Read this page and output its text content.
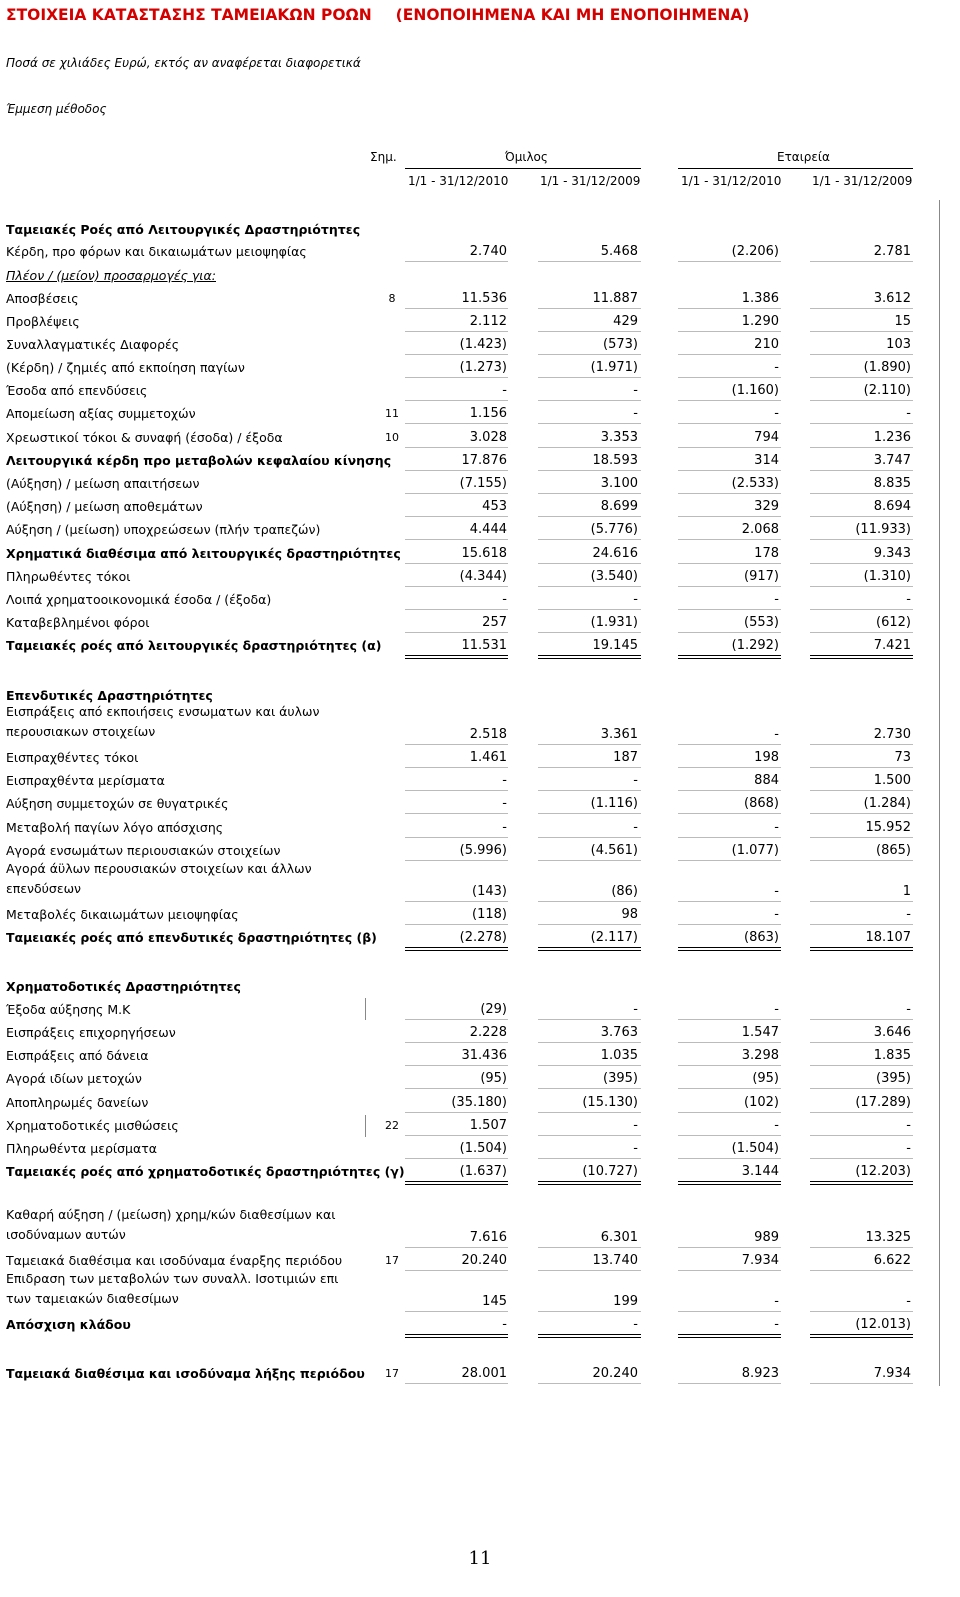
ΣΤΟΙΧΕΙΑ ΚΑΤΑΣΤΑΣΗΣ ΤΑΜΕΙΑΚΩΝ ΡΟΩΝ (ΕΝΟΠΟΙΗΜΕΝΑ ΚΑΙ ΜΗ ΕΝΟΠΟΙΗΜΕΝΑ)
Ποσά σε χιλιάδες Ευρώ, εκτός αν αναφέρεται διαφορετικά
Έμμεση μέθοδος
Σημ.	Όμιλος	Εταιρεία
1/1 - 31/12/2010	1/1 - 31/12/2009	1/1 - 31/12/2010	1/1 - 31/12/2009
Ταμειακές Ροές από Λειτουργικές Δραστηριότητες
Κέρδη, προ φόρων και δικαιωμάτων μειοψηφίας	2.740	5.468	(2.206)	2.781
Πλέον / (μείον) προσαρμογές για:
Αποσβέσεις	8	11.536	11.887	1.386	3.612
Προβλέψεις	2.112	429	1.290	15
Συναλλαγματικές Διαφορές	(1.423)	(573)	210	103
(Κέρδη) / ζημιές από εκποίηση παγίων	(1.273)	(1.971)	-	(1.890)
Έσοδα από επενδύσεις	-	-	(1.160)	(2.110)
Απομείωση αξίας συμμετοχών	11	1.156	-	-	-
Χρεωστικοί τόκοι & συναφή (έσοδα) / έξοδα	10	3.028	3.353	794	1.236
Λειτουργικά κέρδη προ μεταβολών κεφαλαίου κίνησης	17.876	18.593	314	3.747
(Αύξηση) / μείωση απαιτήσεων	(7.155)	3.100	(2.533)	8.835
(Αύξηση) / μείωση αποθεμάτων	453	8.699	329	8.694
Αύξηση / (μείωση) υποχρεώσεων (πλήν τραπεζών)	4.444	(5.776)	2.068	(11.933)
Χρηματικά διαθέσιμα από λειτουργικές δραστηριότητες	15.618	24.616	178	9.343
Πληρωθέντες τόκοι	(4.344)	(3.540)	(917)	(1.310)
Λοιπά χρηματοοικονομικά έσοδα / (έξοδα)	-	-	-	-
Καταβεβλημένοι φόροι	257	(1.931)	(553)	(612)
Ταμειακές ροές από λειτουργικές δραστηριότητες (α)	11.531	19.145	(1.292)	7.421
Επενδυτικές Δραστηριότητες
Εισπράξεις από εκποιήσεις ενσωματων και άυλων περουσιακων στοιχείων	2.518	3.361	-	2.730
Εισπραχθέντες τόκοι	1.461	187	198	73
Εισπραχθέντα μερίσματα	-	-	884	1.500
Αύξηση συμμετοχών σε θυγατρικές	-	(1.116)	(868)	(1.284)
Μεταβολή παγίων λόγο απόσχισης	-	-	-	15.952
Αγορά ενσωμάτων περιουσιακών στοιχείων	(5.996)	(4.561)	(1.077)	(865)
Αγορά άϋλων περουσιακών στοιχείων και άλλων επενδύσεων	(143)	(86)	-	1
Μεταβολές δικαιωμάτων μειοψηφίας	(118)	98	-	-
Ταμειακές ροές από επενδυτικές δραστηριότητες (β)	(2.278)	(2.117)	(863)	18.107
Χρηματοδοτικές Δραστηριότητες
Έξοδα αύξησης Μ.Κ	(29)	-	-	-
Εισπράξεις επιχορηγήσεων	2.228	3.763	1.547	3.646
Εισπράξεις από δάνεια	31.436	1.035	3.298	1.835
Αγορά ιδίων μετοχών	(95)	(395)	(95)	(395)
Αποπληρωμές δανείων	(35.180)	(15.130)	(102)	(17.289)
Χρηματοδοτικές μισθώσεις	22	1.507	-	-	-
Πληρωθέντα μερίσματα	(1.504)	-	(1.504)	-
Ταμειακές ροές από χρηματοδοτικές δραστηριότητες (γ)	(1.637)	(10.727)	3.144	(12.203)
Καθαρή αύξηση / (μείωση) χρημ/κών διαθεσίμων και ισοδύναμων αυτών	7.616	6.301	989	13.325
Ταμειακά διαθέσιμα και ισοδύναμα έναρξης περιόδου	17	20.240	13.740	7.934	6.622
Επιδραση των μεταβολών των συναλλ. Ισοτιμιών επι των ταμειακών διαθεσίμων	145	199	-	-
Απόσχιση κλάδου	-	-	-	(12.013)
Ταμειακά διαθέσιμα και ισοδύναμα λήξης περιόδου	17	28.001	20.240	8.923	7.934
11
